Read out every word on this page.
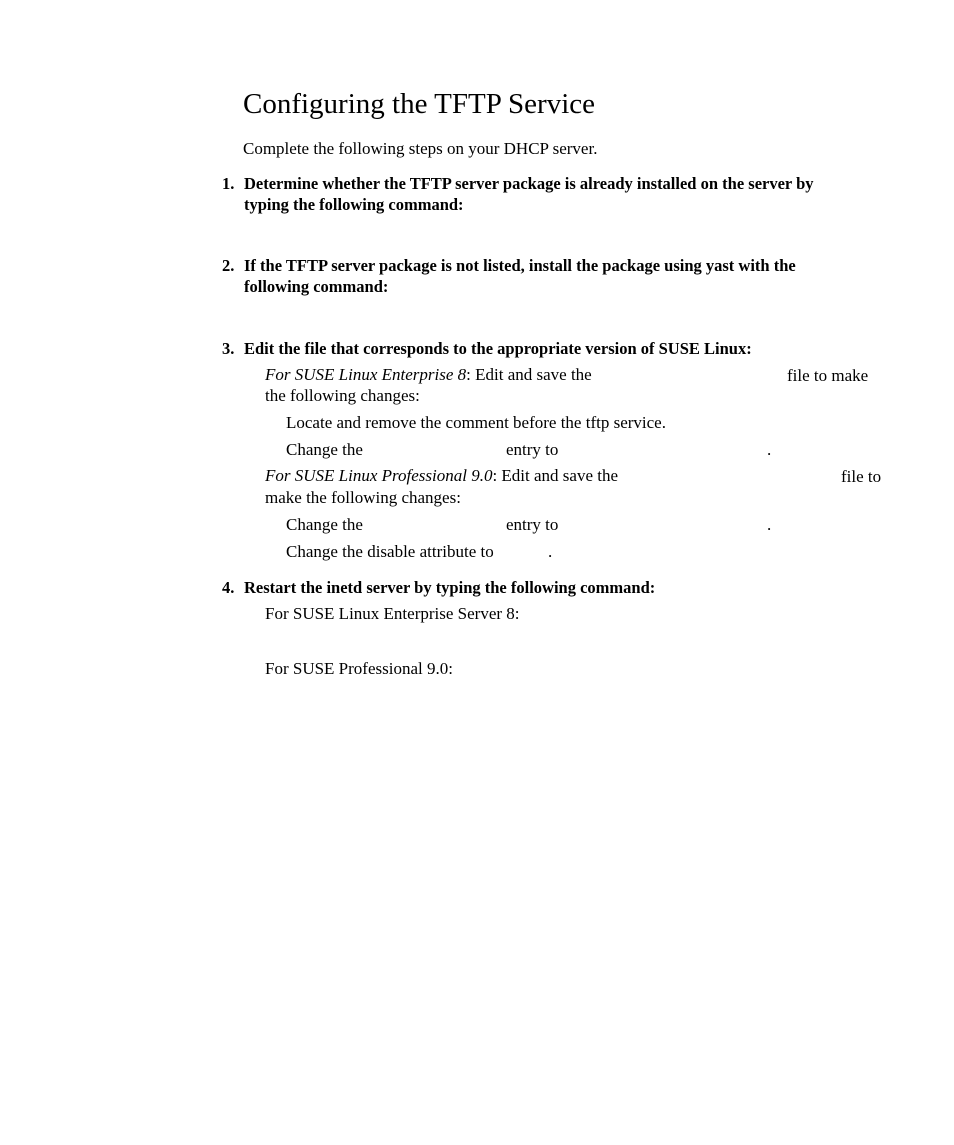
Configuring the TFTP Service
Complete the following steps on your DHCP server.
1. Determine whether the TFTP server package is already installed on the server by
typing the following command:
2. If the TFTP server package is not listed, install the package using yast with the
following command:
3. Edit the file that corresponds to the appropriate version of SUSE Linux:
For SUSE Linux Enterprise 8: Edit and save the	file to make
the following changes:
Locate and remove the comment before the tftp service.
Change the	entry to	.
For SUSE Linux Professional 9.0: Edit and save the	file to
make the following changes:
Change the	entry to	.
Change the disable attribute to	.
4. Restart the inetd server by typing the following command:
For SUSE Linux Enterprise Server 8:
For SUSE Professional 9.0:
